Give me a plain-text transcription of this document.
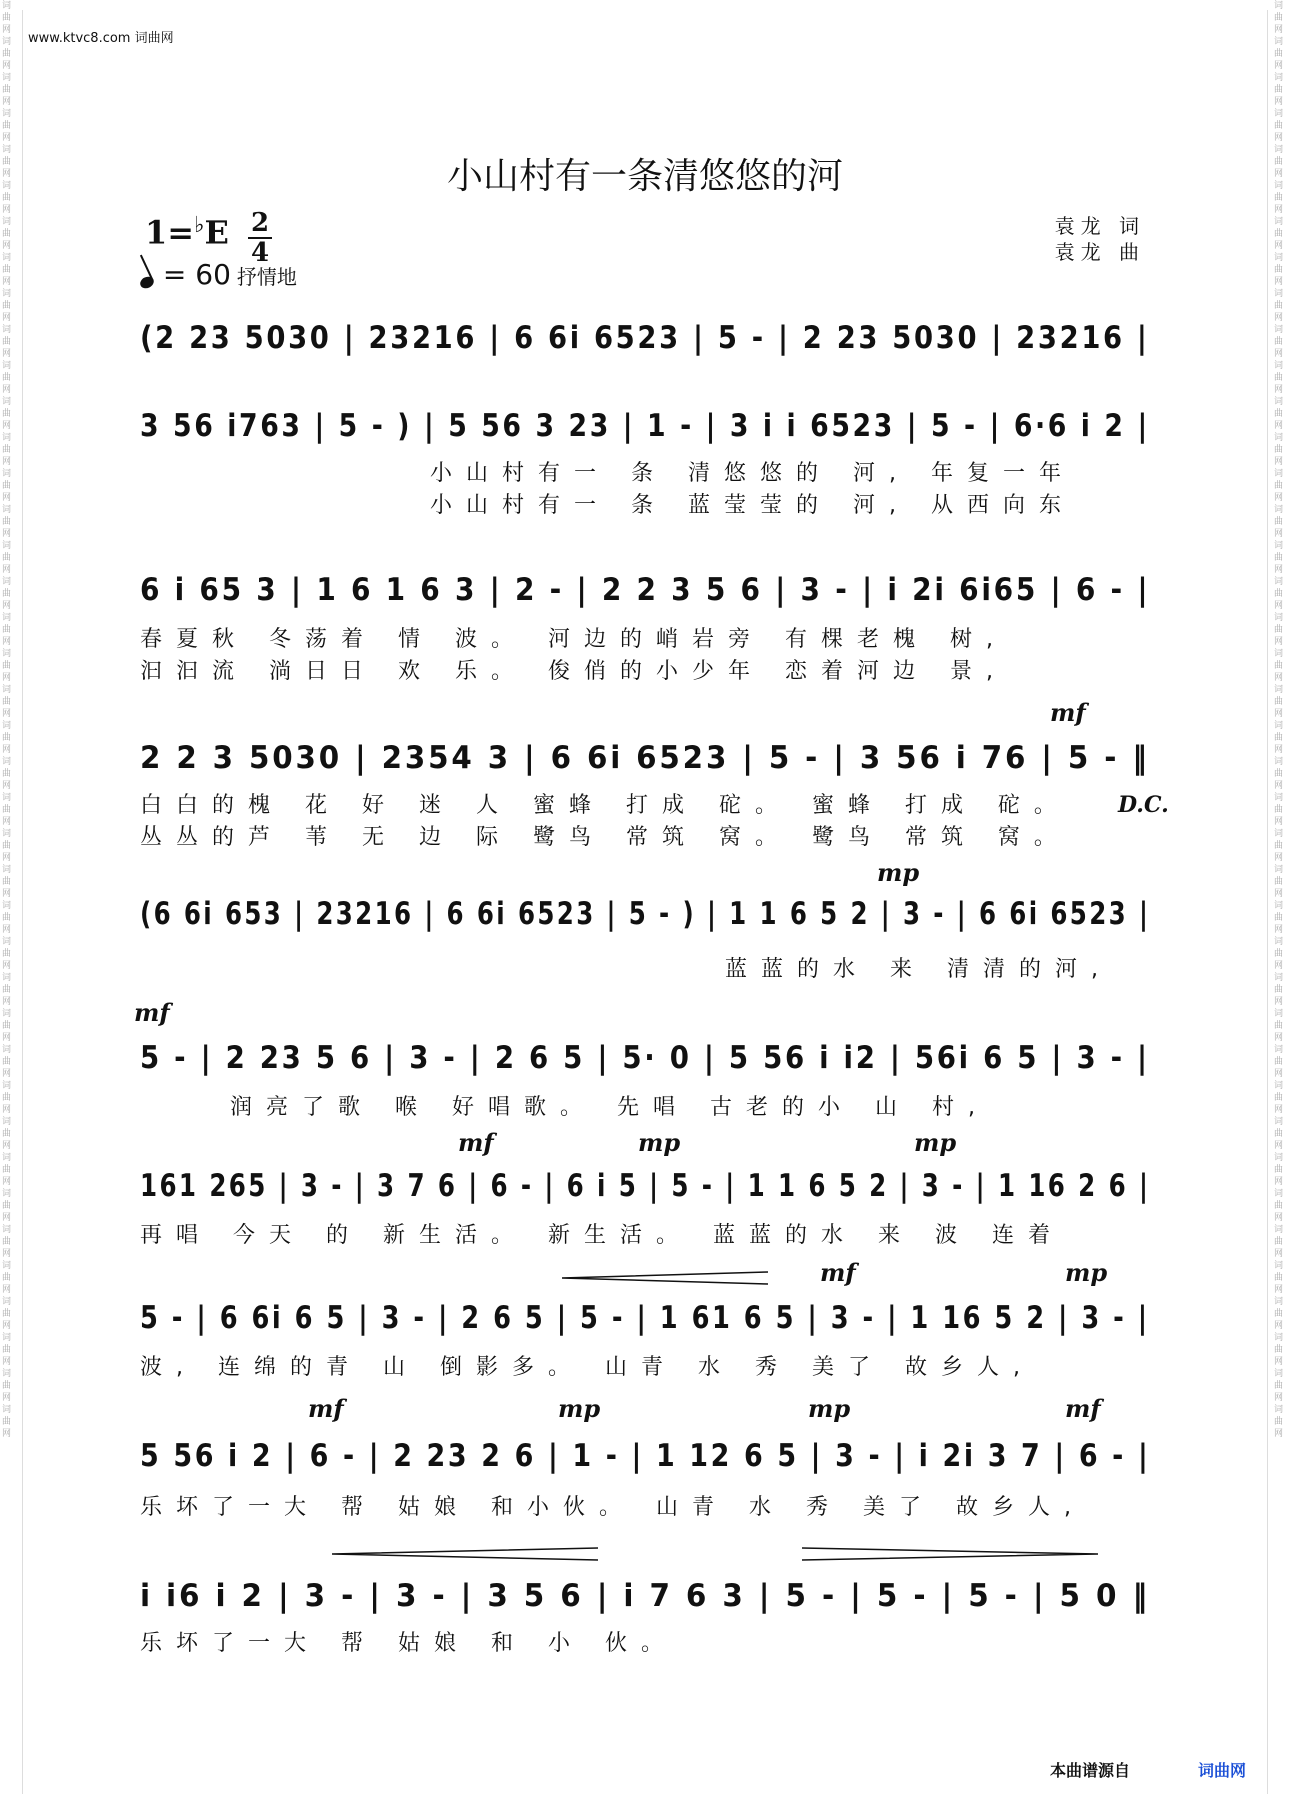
词曲网词曲网词曲网词曲网词曲网词曲网词曲网词曲网词曲网词曲网词曲网词曲网词曲网词曲网词曲网词曲网词曲网词曲网词曲网词曲网词曲网词曲网词曲网词曲网词曲网词曲网词曲网词曲网词曲网词曲网词曲网词曲网词曲网词曲网词曲网词曲网词曲网词曲网词曲网词曲网
词曲网词曲网词曲网词曲网词曲网词曲网词曲网词曲网词曲网词曲网词曲网词曲网词曲网词曲网词曲网词曲网词曲网词曲网词曲网词曲网词曲网词曲网词曲网词曲网词曲网词曲网词曲网词曲网词曲网词曲网词曲网词曲网词曲网词曲网词曲网词曲网词曲网词曲网词曲网词曲网
www.ktvc8.com 词曲网
小山村有一条清悠悠的河
1=♭E 2
4
= 60 抒情地
袁龙 词
袁龙 曲
(2 23 5030 | 23216 | 6 6i 6523 | 5 - | 2 23 5030 | 23216 |
3 56 i763 | 5 - ) | 5 56 3 23 | 1 - | 3 i i 6523 | 5 - | 6·6 i 2 |
小山村有一 条 清悠悠的 河, 年复一年
小山村有一 条 蓝莹莹的 河, 从西向东
6 i 65 3 | 1 6 1 6 3 | 2 - | 2 2 3 5 6 | 3 - | i 2i 6i65 | 6 - |
春夏秋 冬荡着 情 波。 河边的峭岩旁 有棵老槐 树,
汩汩流 淌日日 欢 乐。 俊俏的小少年 恋着河边 景,
mf
2 2 3 5030 | 2354 3 | 6 6i 6523 | 5 - | 3 56 i 76 | 5 - ‖
白白的槐 花 好 迷 人 蜜蜂 打成 砣。 蜜蜂 打成 砣。
丛丛的芦 苇 无 边 际 鹭鸟 常筑 窝。 鹭鸟 常筑 窝。
D.C.
mp
(6 6i 653 | 23216 | 6 6i 6523 | 5 - ) | 1 1 6 5 2 | 3 - | 6 6i 6523 |
蓝蓝的水 来 清清的河,
mf
5 - | 2 23 5 6 | 3 - | 2 6 5 | 5· 0 | 5 56 i i2 | 56i 6 5 | 3 - |
润亮了歌 喉 好唱歌。 先唱 古老的小 山 村,
mf	mp	mp
161 265 | 3 - | 3 7 6 | 6 - | 6 i 5 | 5 - | 1 1 6 5 2 | 3 - | 1 16 2 6 |
再唱 今天 的 新生活。 新生活。 蓝蓝的水 来 波 连着
mf	mp
5 - | 6 6i 6 5 | 3 - | 2 6 5 | 5 - | 1 61 6 5 | 3 - | 1 16 5 2 | 3 - |
波, 连绵的青 山 倒影多。 山青 水 秀 美了 故乡人,
mf	mp	mp	mf
5 56 i 2 | 6 - | 2 23 2 6 | 1 - | 1 12 6 5 | 3 - | i 2i 3 7 | 6 - |
乐坏了一大 帮 姑娘 和小伙。 山青 水 秀 美了 故乡人,
i i6 i 2 | 3 - | 3 - | 3 5 6 | i 7 6 3 | 5 - | 5 - | 5 - | 5 0 ‖
乐坏了一大 帮 姑娘 和 小 伙。
本曲谱源自	词曲网
